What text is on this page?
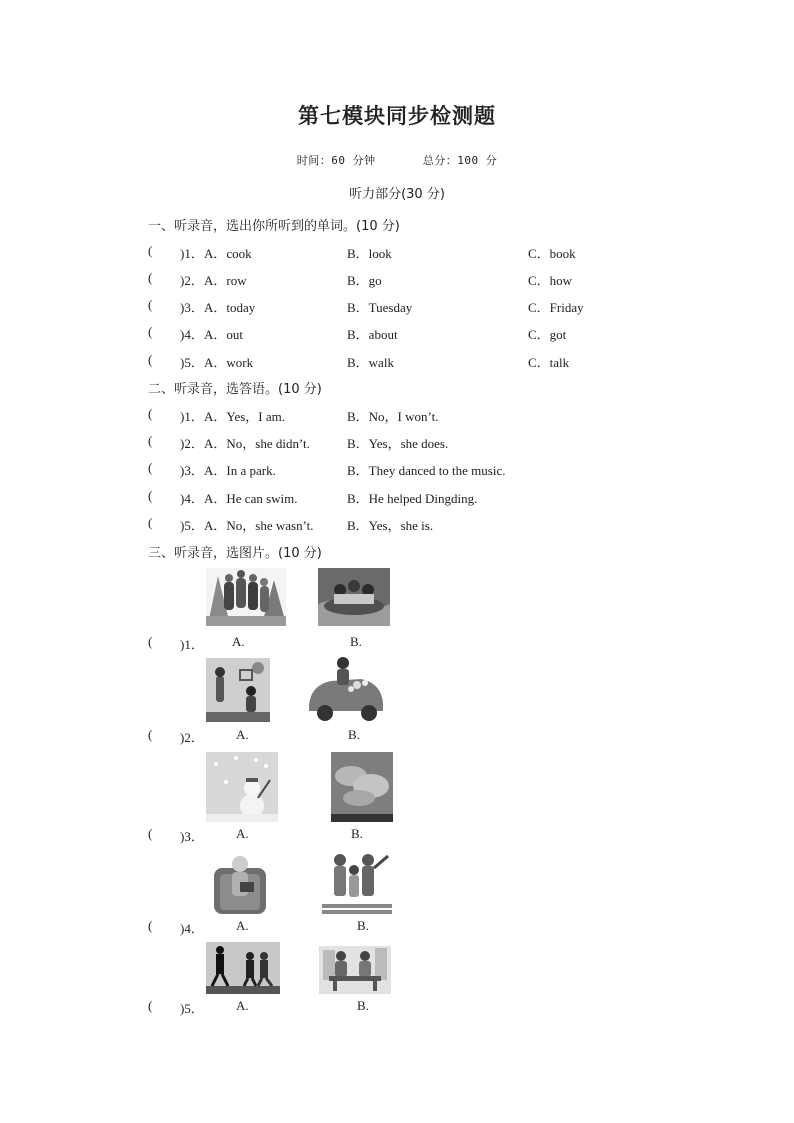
第七模块同步检测题
时间：60 分钟	总分：100 分
听力部分(30 分)
一、听录音，选出你所听到的单词。(10 分)
( )1． A．cook	B．look	C．book
( )2． A．row	B．go	C．how
( )3． A．today	B．Tuesday	C．Friday
( )4． A．out	B．about	C．got
( )5． A．work	B．walk	C．talk
二、听录音，选答语。(10 分)
( )1． A．Yes，I am.	B．No，I won’t.
( )2． A．No，she didn’t.	B．Yes，she does.
( )3． A．In a park.	B．They danced to the music.
( )4． A．He can swim.	B．He helped Dingding.
( )5． A．No，she wasn’t.	B．Yes，she is.
三、听录音，选图片。(10 分)
( )1． A.	B.
( )2． A.	B.
( )3． A.	B.
( )4． A.	B.
( )5． A.	B.
